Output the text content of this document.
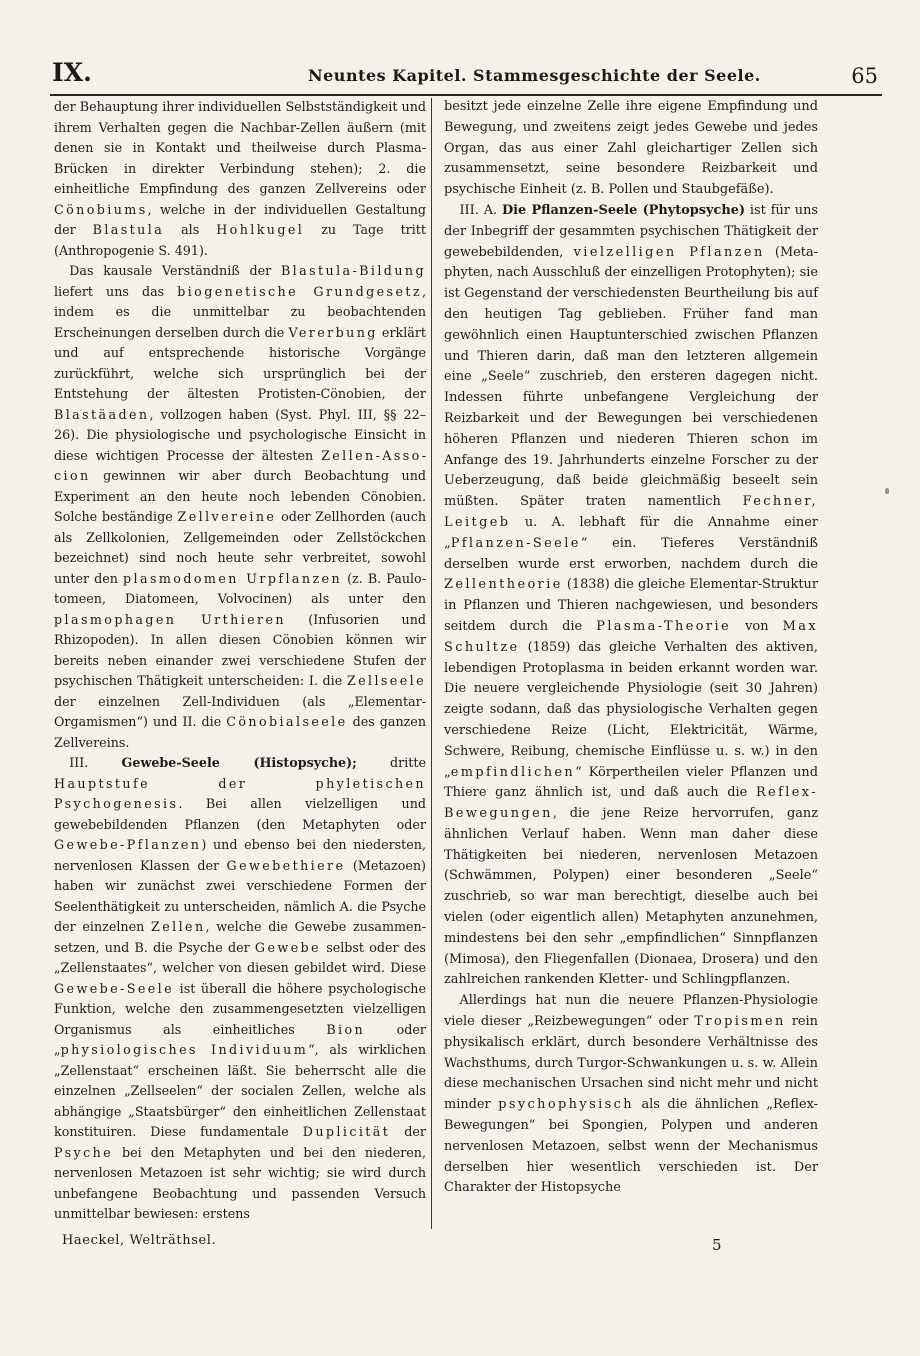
IX.	Neuntes Kapitel. Stammesgeschichte der Seele.	65

der Behauptung ihrer individuellen Selbstständigkeit und ihrem Verhalten gegen die Nachbar-Zellen äußern (mit denen sie in Kontakt und theilweise durch Plasma-Brücken in direkter Verbindung stehen); 2. die einheitliche Empfindung des ganzen Zellvereins oder Cönobiums, welche in der individuellen Gestaltung der Blastula als Hohlkugel zu Tage tritt (Anthropogenie S. 491).

Das kausale Verständniß der Blastula-Bildung liefert uns das biogenetische Grundgesetz, indem es die unmittelbar zu beobachtenden Erscheinungen derselben durch die Vererbung erklärt und auf entsprechende historische Vorgänge zurückführt, welche sich ursprünglich bei der Entstehung der ältesten Protisten-Cönobien, der Blastäaden, vollzogen haben (Syst. Phyl. III, §§ 22–26). Die physiologische und psychologische Einsicht in diese wichtigen Processe der ältesten Zellen-Associon gewinnen wir aber durch Beobachtung und Experiment an den heute noch lebenden Cönobien. Solche beständige Zellvereine oder Zellhorden (auch als Zellkolonien, Zellgemeinden oder Zellstöckchen bezeichnet) sind noch heute sehr verbreitet, sowohl unter den plasmodomen Urpflanzen (z. B. Paulotomeen, Diatomeen, Volvocinen) als unter den plasmophagen Urthieren (Infusorien und Rhizopoden). In allen diesen Cönobien können wir bereits neben einander zwei verschiedene Stufen der psychischen Thätigkeit unterscheiden: I. die Zellseele der einzelnen Zell-Individuen (als „Elementar-Orgamismen“) und II. die Cönobialseele des ganzen Zellvereins.

III. Gewebe-Seele (Histopsyche); dritte Hauptstufe der phyletischen Psychogenesis. Bei allen vielzelligen und gewebebildenden Pflanzen (den Metaphyten oder Gewebe-Pflanzen) und ebenso bei den niedersten, nervenlosen Klassen der Gewebethiere (Metazoen) haben wir zunächst zwei verschiedene Formen der Seelenthätigkeit zu unterscheiden, nämlich A. die Psyche der einzelnen Zellen, welche die Gewebe zusammensetzen, und B. die Psyche der Gewebe selbst oder des „Zellenstaates“, welcher von diesen gebildet wird. Diese Gewebe-Seele ist überall die höhere psychologische Funktion, welche den zusammengesetzten vielzelligen Organismus als einheitliches Bion oder „physiologisches Individuum“, als wirklichen „Zellenstaat“ erscheinen läßt. Sie beherrscht alle die einzelnen „Zellseelen“ der socialen Zellen, welche als abhängige „Staatsbürger“ den einheitlichen Zellenstaat konstituiren. Diese fundamentale Duplicität der Psyche bei den Metaphyten und bei den niederen, nervenlosen Metazoen ist sehr wichtig; sie wird durch unbefangene Beobachtung und passenden Versuch unmittelbar bewiesen: erstens

besitzt jede einzelne Zelle ihre eigene Empfindung und Bewegung, und zweitens zeigt jedes Gewebe und jedes Organ, das aus einer Zahl gleichartiger Zellen sich zusammensetzt, seine besondere Reizbarkeit und psychische Einheit (z. B. Pollen und Staubgefäße).

III. A. Die Pflanzen-Seele (Phytopsyche) ist für uns der Inbegriff der gesammten psychischen Thätigkeit der gewebebildenden, vielzelligen Pflanzen (Metaphyten, nach Ausschluß der einzelligen Protophyten); sie ist Gegenstand der verschiedensten Beurtheilung bis auf den heutigen Tag geblieben. Früher fand man gewöhnlich einen Hauptunterschied zwischen Pflanzen und Thieren darin, daß man den letzteren allgemein eine „Seele“ zuschrieb, den ersteren dagegen nicht. Indessen führte unbefangene Vergleichung der Reizbarkeit und der Bewegungen bei verschiedenen höheren Pflanzen und niederen Thieren schon im Anfange des 19. Jahrhunderts einzelne Forscher zu der Ueberzeugung, daß beide gleichmäßig beseelt sein müßten. Später traten namentlich Fechner, Leitgeb u. A. lebhaft für die Annahme einer „Pflanzen-Seele“ ein. Tieferes Verständniß derselben wurde erst erworben, nachdem durch die Zellentheorie (1838) die gleiche Elementar-Struktur in Pflanzen und Thieren nachgewiesen, und besonders seitdem durch die Plasma-Theorie von Max Schultze (1859) das gleiche Verhalten des aktiven, lebendigen Protoplasma in beiden erkannt worden war. Die neuere vergleichende Physiologie (seit 30 Jahren) zeigte sodann, daß das physiologische Verhalten gegen verschiedene Reize (Licht, Elektricität, Wärme, Schwere, Reibung, chemische Einflüsse u. s. w.) in den „empfindlichen“ Körpertheilen vieler Pflanzen und Thiere ganz ähnlich ist, und daß auch die Reflex-Bewegungen, die jene Reize hervorrufen, ganz ähnlichen Verlauf haben. Wenn man daher diese Thätigkeiten bei niederen, nervenlosen Metazoen (Schwämmen, Polypen) einer besonderen „Seele“ zuschrieb, so war man berechtigt, dieselbe auch bei vielen (oder eigentlich allen) Metaphyten anzunehmen, mindestens bei den sehr „empfindlichen“ Sinnpflanzen (Mimosa), den Fliegenfallen (Dionaea, Drosera) und den zahlreichen rankenden Kletter- und Schlingpflanzen.

Allerdings hat nun die neuere Pflanzen-Physiologie viele dieser „Reizbewegungen“ oder Tropismen rein physikalisch erklärt, durch besondere Verhältnisse des Wachsthums, durch Turgor-Schwankungen u. s. w. Allein diese mechanischen Ursachen sind nicht mehr und nicht minder psychophysisch als die ähnlichen „Reflex-Bewegungen“ bei Spongien, Polypen und anderen nervenlosen Metazoen, selbst wenn der Mechanismus derselben hier wesentlich verschieden ist. Der Charakter der Histopsyche

Haeckel, Welträthsel.	5
